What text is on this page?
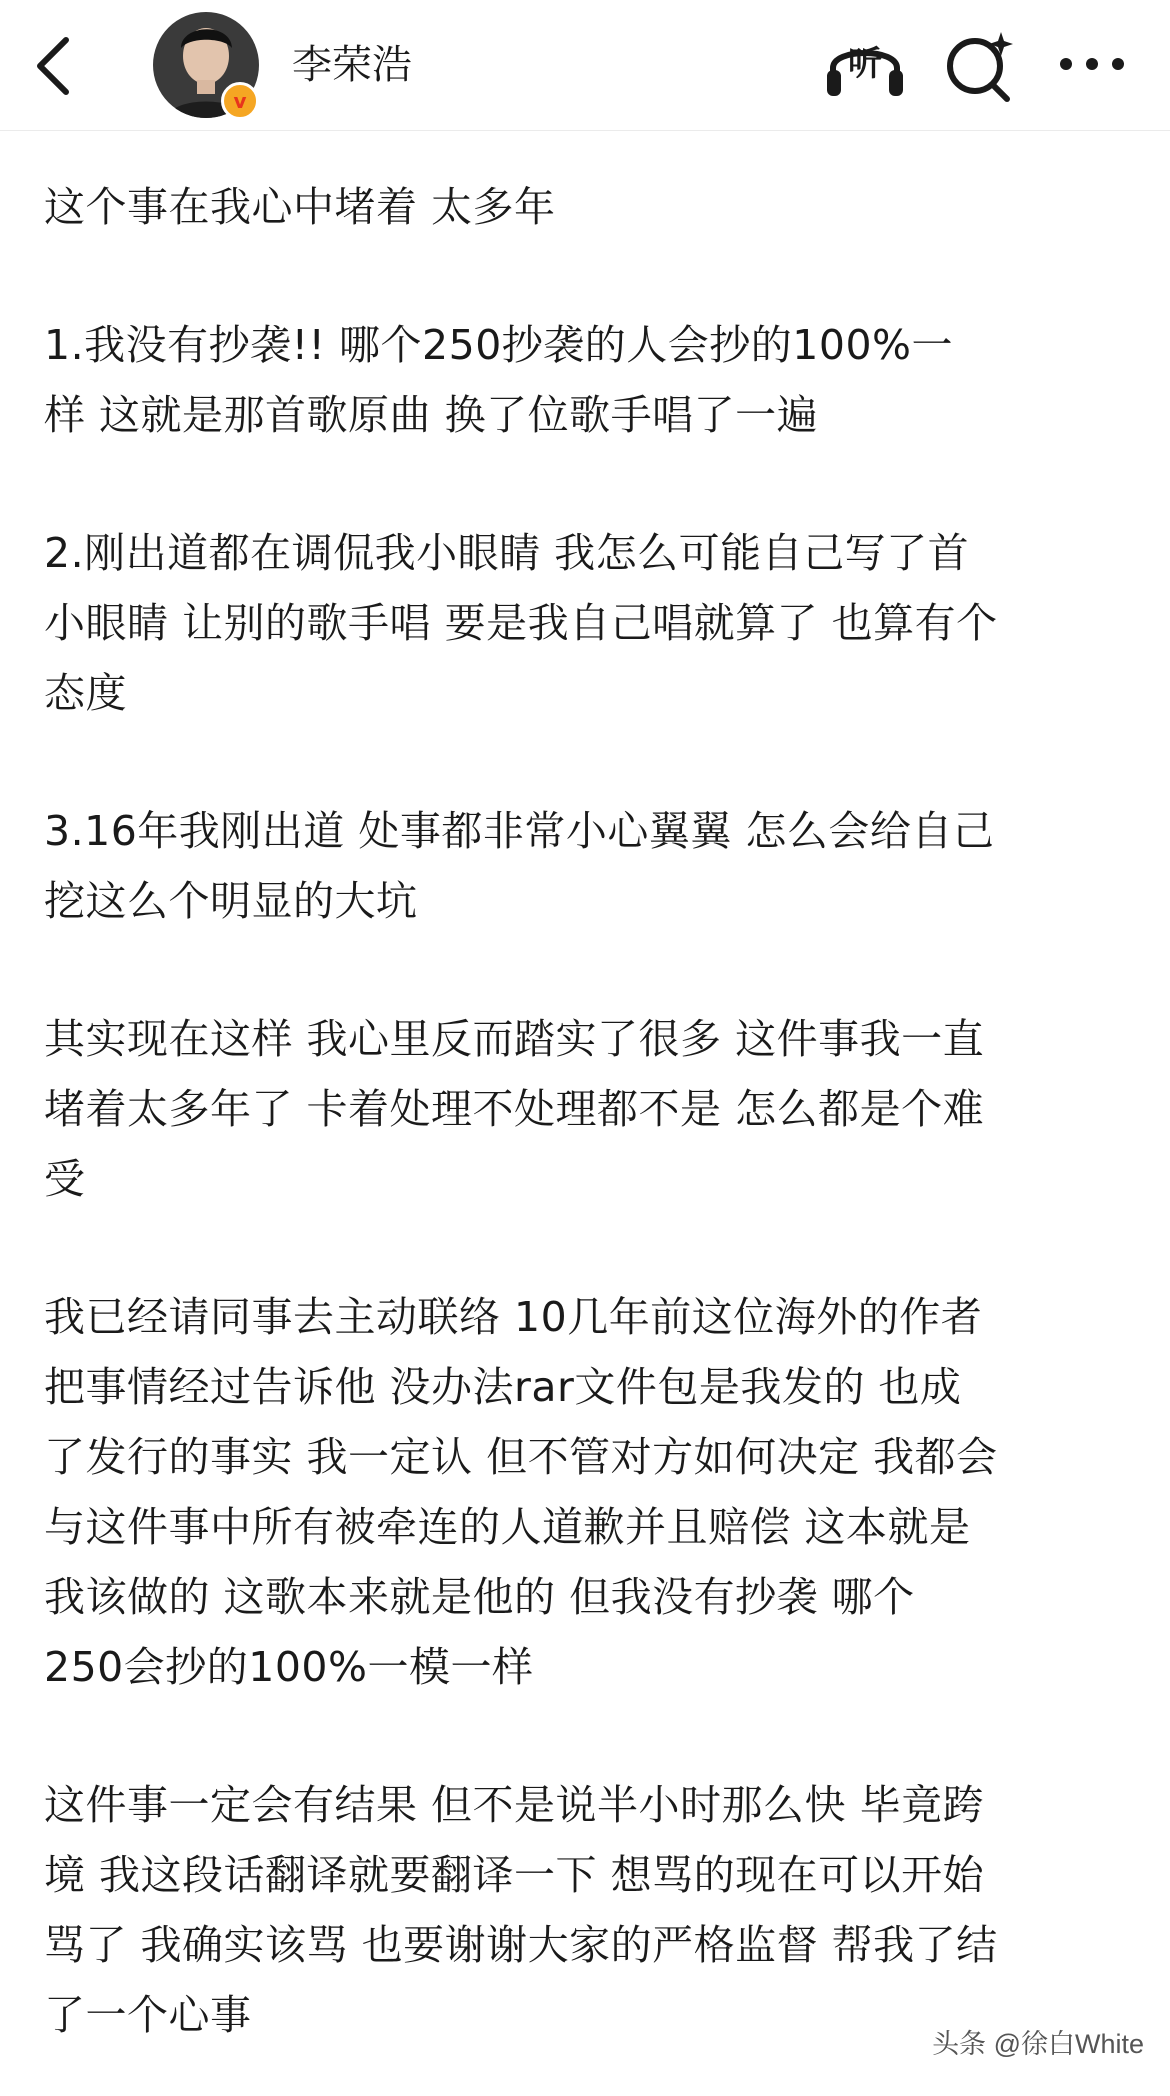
v
李荣浩	听

这个事在我心中堵着 太多年

1.我没有抄袭!! 哪个250抄袭的人会抄的100%一
样 这就是那首歌原曲 换了位歌手唱了一遍

2.刚出道都在调侃我小眼睛 我怎么可能自己写了首
小眼睛 让别的歌手唱 要是我自己唱就算了 也算有个
态度

3.16年我刚出道 处事都非常小心翼翼 怎么会给自己
挖这么个明显的大坑

其实现在这样 我心里反而踏实了很多 这件事我一直
堵着太多年了 卡着处理不处理都不是 怎么都是个难
受

我已经请同事去主动联络 10几年前这位海外的作者
把事情经过告诉他 没办法rar文件包是我发的 也成
了发行的事实 我一定认 但不管对方如何决定 我都会
与这件事中所有被牵连的人道歉并且赔偿 这本就是
我该做的 这歌本来就是他的 但我没有抄袭 哪个
250会抄的100%一模一样

这件事一定会有结果 但不是说半小时那么快 毕竟跨
境 我这段话翻译就要翻译一下 想骂的现在可以开始
骂了 我确实该骂 也要谢谢大家的严格监督 帮我了结
了一个心事

头条 @徐白White
